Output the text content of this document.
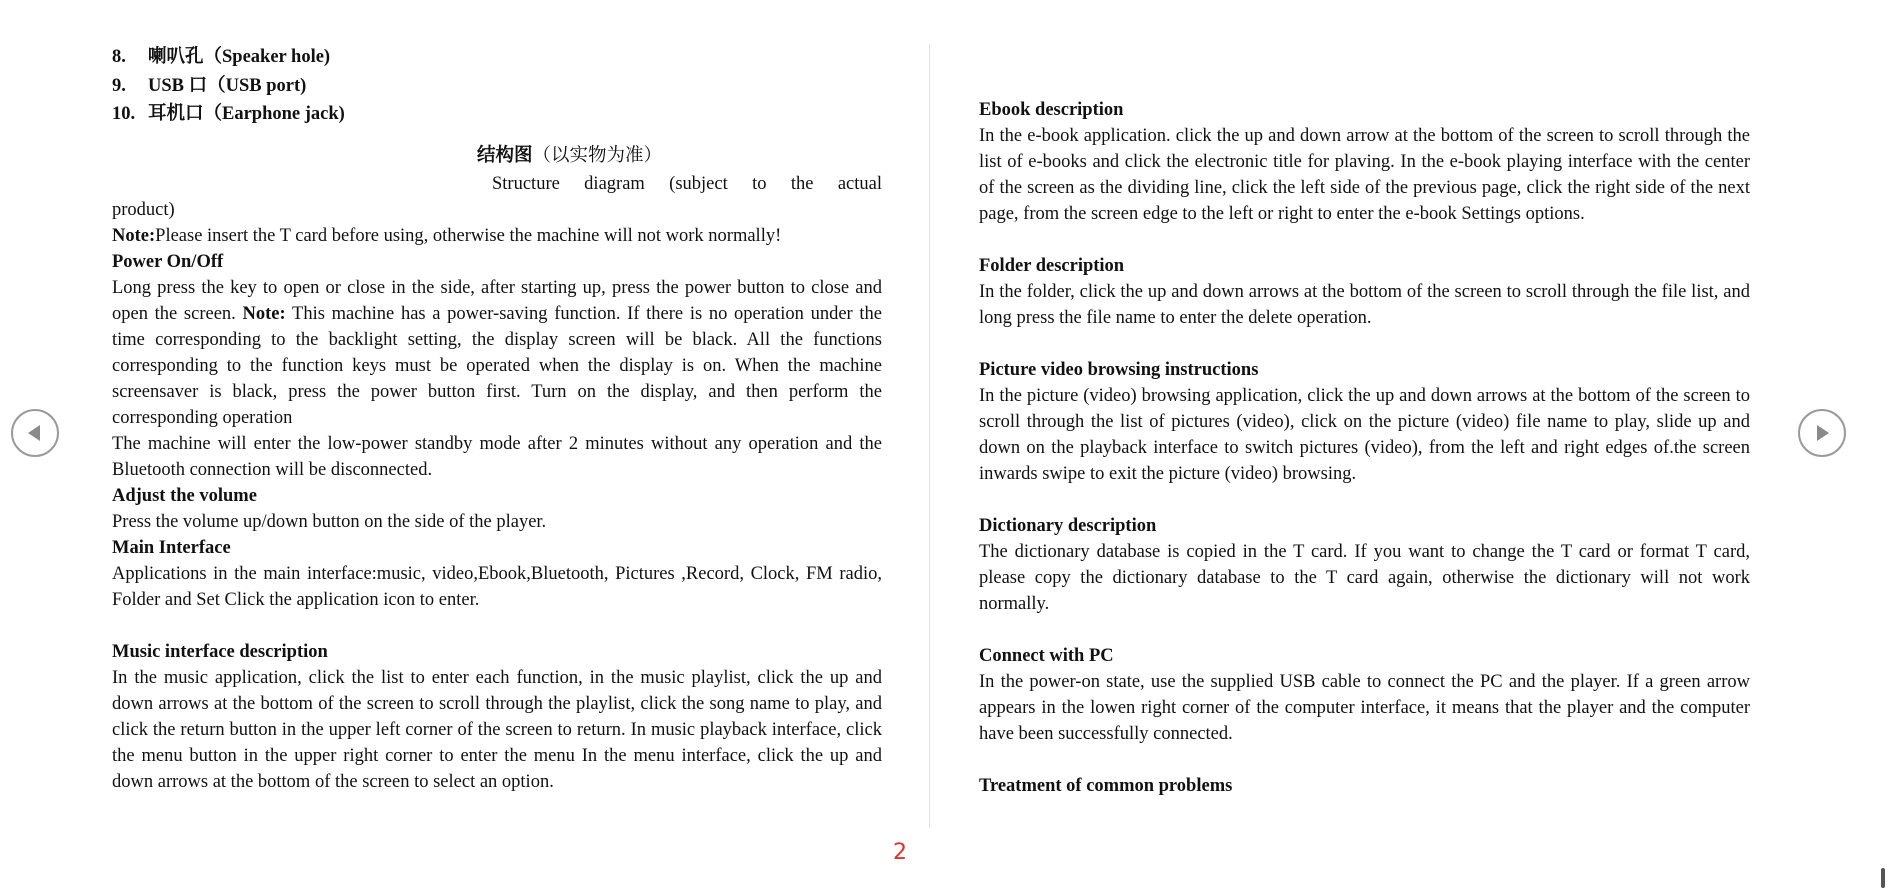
8. 喇叭孔（Speaker hole)
9. USB 口（USB port)
10. 耳机口（Earphone jack)
结构图（以实物为准）
Structure diagram (subject to the actual
product)
Note:Please insert the T card before using, otherwise the machine will not work normally!
Power On/Off
Long press the key to open or close in the side, after starting up, press the power button to close and open the screen. Note: This machine has a power-saving function. If there is no operation under the time corresponding to the backlight setting, the display screen will be black. All the functions corresponding to the function keys must be operated when the display is on. When the machine screensaver is black, press the power button first. Turn on the display, and then perform the corresponding operation
The machine will enter the low-power standby mode after 2 minutes without any operation and the Bluetooth connection will be disconnected.
Adjust the volume
Press the volume up/down button on the side of the player.
Main Interface
Applications in the main interface:music, video,Ebook,Bluetooth, Pictures ,Record, Clock, FM radio, Folder and Set Click the application icon to enter.
Music interface description
In the music application, click the list to enter each function, in the music playlist, click the up and down arrows at the bottom of the screen to scroll through the playlist, click the song name to play, and click the return button in the upper left corner of the screen to return. In music playback interface, click the menu button in the upper right corner to enter the menu In the menu interface, click the up and down arrows at the bottom of the screen to select an option.
Ebook description
In the e-book application. click the up and down arrow at the bottom of the screen to scroll through the list of e-books and click the electronic title for plaving. In the e-book playing interface with the center of the screen as the dividing line, click the left side of the previous page, click the right side of the next page, from the screen edge to the left or right to enter the e-book Settings options.
Folder description
In the folder, click the up and down arrows at the bottom of the screen to scroll through the file list, and long press the file name to enter the delete operation.
Picture video browsing instructions
In the picture (video) browsing application, click the up and down arrows at the bottom of the screen to scroll through the list of pictures (video), click on the picture (video) file name to play, slide up and down on the playback interface to switch pictures (video), from the left and right edges of.the screen inwards swipe to exit the picture (video) browsing.
Dictionary description
The dictionary database is copied in the T card. If you want to change the T card or format T card, please copy the dictionary database to the T card again, otherwise the dictionary will not work normally.
Connect with PC
In the power-on state, use the supplied USB cable to connect the PC and the player. If a green arrow appears in the lowen right corner of the computer interface, it means that the player and the computer have been successfully connected.
Treatment of common problems
2
